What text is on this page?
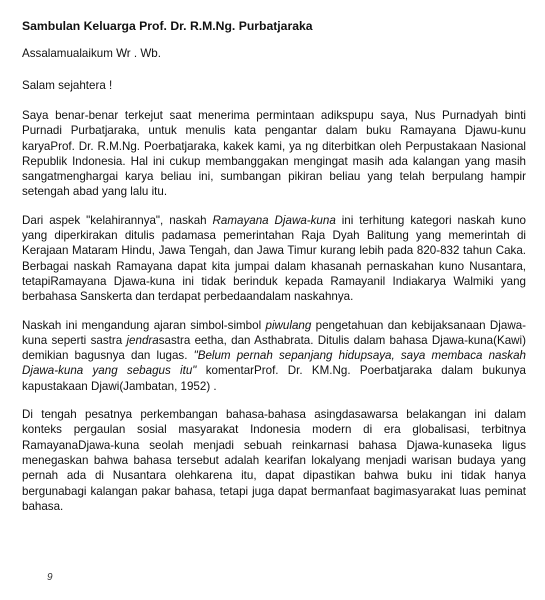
Sambulan Keluarga Prof. Dr. R.M.Ng. Purbatjaraka

Assalamualaikum Wr . Wb.

Salam sejahtera !

Saya benar-benar terkejut saat menerima permintaan adikspupu saya, Nus Purnadyah binti Purnadi Purbatjaraka, untuk menulis kata pengantar dalam buku Ramayana Djawu-kunu karyaProf. Dr. R.M.Ng. Poerbatjaraka, kakek kami, ya ng diterbitkan oleh Perpustakaan Nasional Republik Indonesia. Hal ini cukup membanggakan mengingat masih ada kalangan yang masih sangatmenghargai karya beliau ini, sumbangan pikiran beliau yang telah berpulang hampir setengah abad yang lalu itu.

Dari aspek "kelahirannya", naskah Ramayana Djawa-kuna ini terhitung kategori naskah kuno yang diperkirakan ditulis padamasa pemerintahan Raja Dyah Balitung yang memerintah di Kerajaan Mataram Hindu, Jawa Tengah, dan Jawa Timur kurang lebih pada 820-832 tahun Caka. Berbagai naskah Ramayana dapat kita jumpai dalam khasanah pernaskahan kuno Nusantara, tetapiRamayana Djawa-kuna ini tidak berinduk kepada Ramayanil Indiakarya Walmiki yang berbahasa Sanskerta dan terdapat perbedaandalam naskahnya.

Naskah ini mengandung ajaran simbol-simbol piwulang pengetahuan dan kebijaksanaan Djawa-kuna seperti sastra jendrasastra eetha, dan Asthabrata. Ditulis dalam bahasa Djawa-kuna(Kawi) demikian bagusnya dan lugas. "Belum pernah sepanjang hidupsaya, saya membaca naskah Djawa-kuna yang sebagus itu" komentarProf. Dr. KM.Ng. Poerbatjaraka dalam bukunya kapustakaan Djawi(Jambatan, 1952) .

Di tengah pesatnya perkembangan bahasa-bahasa asingdasawarsa belakangan ini dalam konteks pergaulan sosial masyarakat Indonesia modern di era globalisasi, terbitnya RamayanaDjawa-kuna seolah menjadi sebuah reinkarnasi bahasa Djawa-kunaseka ligus menegaskan bahwa bahasa tersebut adalah kearifan lokalyang menjadi warisan budaya yang pernah ada di Nusantara olehkarena itu, dapat dipastikan bahwa buku ini tidak hanya bergunabagi kalangan pakar bahasa, tetapi juga dapat bermanfaat bagimasyarakat luas peminat bahasa.

9
